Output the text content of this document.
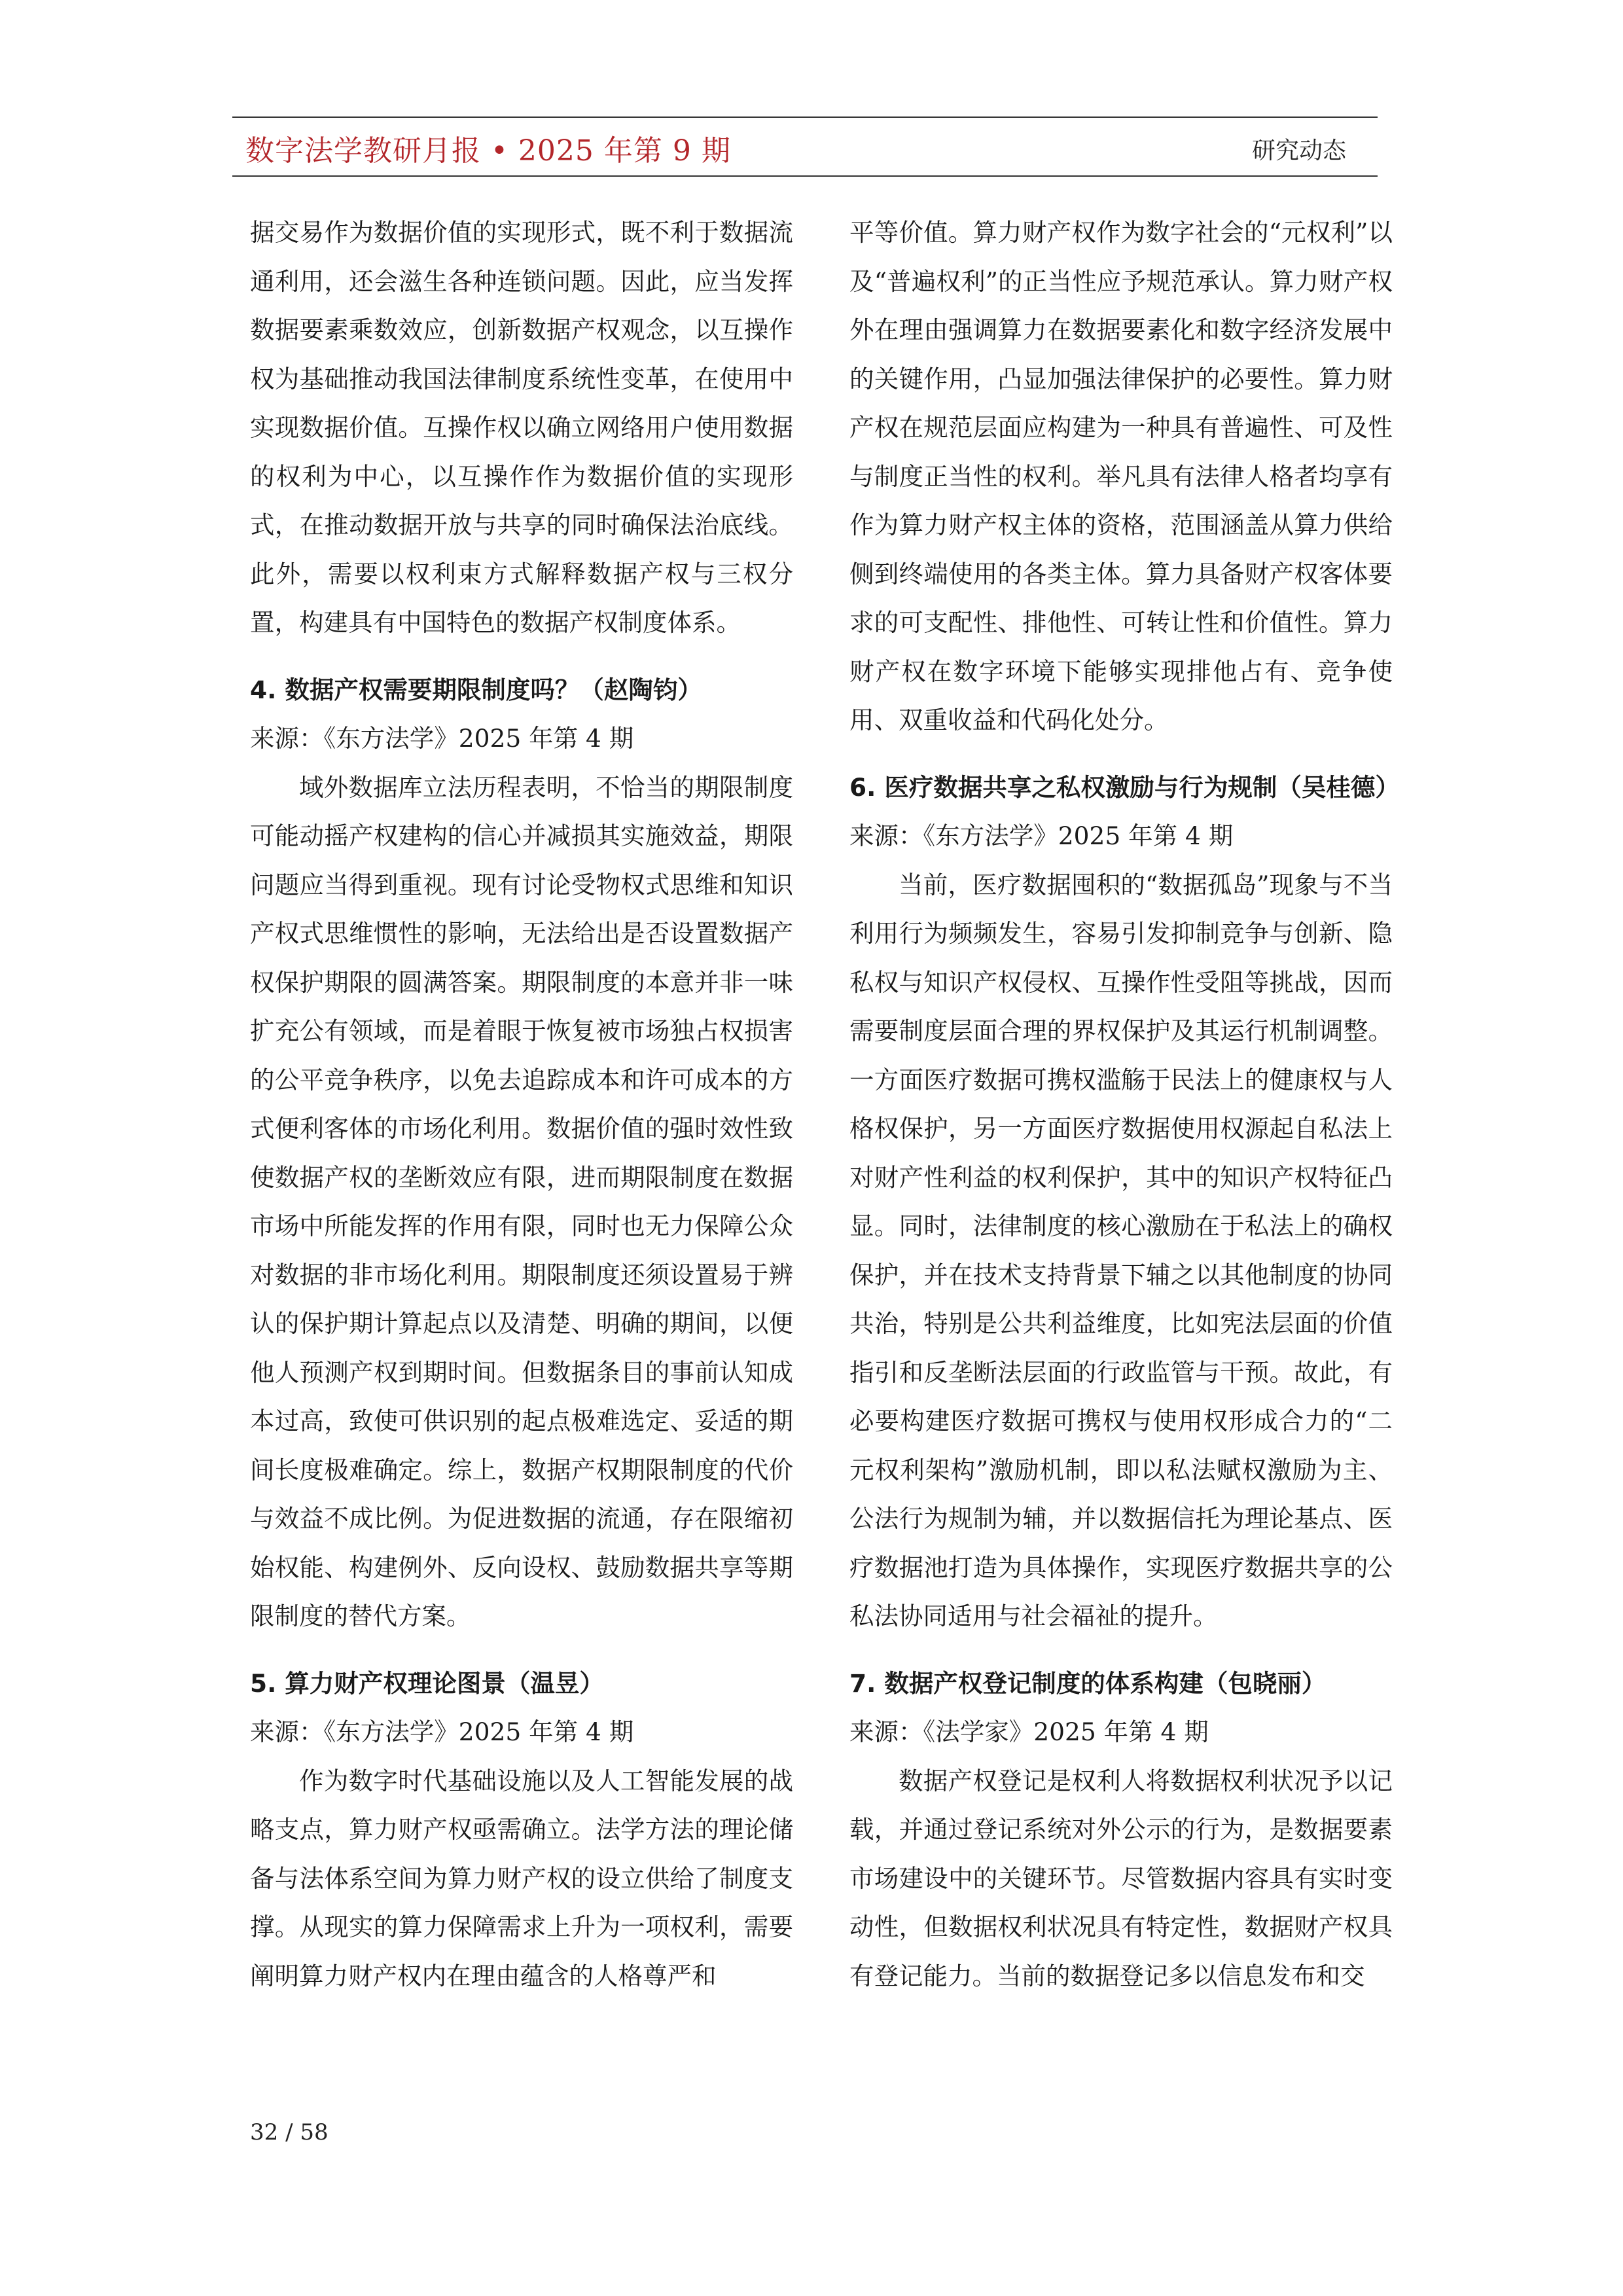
数字法学教研月报 • 2025 年第 9 期	研究动态

据交易作为数据价值的实现形式，既不利于数据流通利用，还会滋生各种连锁问题。因此，应当发挥数据要素乘数效应，创新数据产权观念，以互操作权为基础推动我国法律制度系统性变革，在使用中实现数据价值。互操作权以确立网络用户使用数据的权利为中心，以互操作作为数据价值的实现形式，在推动数据开放与共享的同时确保法治底线。此外，需要以权利束方式解释数据产权与三权分置，构建具有中国特色的数据产权制度体系。

4. 数据产权需要期限制度吗？（赵陶钧）
来源：《东方法学》2025 年第 4 期

域外数据库立法历程表明，不恰当的期限制度可能动摇产权建构的信心并减损其实施效益，期限问题应当得到重视。现有讨论受物权式思维和知识产权式思维惯性的影响，无法给出是否设置数据产权保护期限的圆满答案。期限制度的本意并非一味扩充公有领域，而是着眼于恢复被市场独占权损害的公平竞争秩序，以免去追踪成本和许可成本的方式便利客体的市场化利用。数据价值的强时效性致使数据产权的垄断效应有限，进而期限制度在数据市场中所能发挥的作用有限，同时也无力保障公众对数据的非市场化利用。期限制度还须设置易于辨认的保护期计算起点以及清楚、明确的期间，以便他人预测产权到期时间。但数据条目的事前认知成本过高，致使可供识别的起点极难选定、妥适的期间长度极难确定。综上，数据产权期限制度的代价与效益不成比例。为促进数据的流通，存在限缩初始权能、构建例外、反向设权、鼓励数据共享等期限制度的替代方案。

5. 算力财产权理论图景（温昱）
来源：《东方法学》2025 年第 4 期

作为数字时代基础设施以及人工智能发展的战略支点，算力财产权亟需确立。法学方法的理论储备与法体系空间为算力财产权的设立供给了制度支撑。从现实的算力保障需求上升为一项权利，需要阐明算力财产权内在理由蕴含的人格尊严和

平等价值。算力财产权作为数字社会的“元权利”以及“普遍权利”的正当性应予规范承认。算力财产权外在理由强调算力在数据要素化和数字经济发展中的关键作用，凸显加强法律保护的必要性。算力财产权在规范层面应构建为一种具有普遍性、可及性与制度正当性的权利。举凡具有法律人格者均享有作为算力财产权主体的资格，范围涵盖从算力供给侧到终端使用的各类主体。算力具备财产权客体要求的可支配性、排他性、可转让性和价值性。算力财产权在数字环境下能够实现排他占有、竞争使用、双重收益和代码化处分。

6. 医疗数据共享之私权激励与行为规制（吴桂德）
来源：《东方法学》2025 年第 4 期

当前，医疗数据囤积的“数据孤岛”现象与不当利用行为频频发生，容易引发抑制竞争与创新、隐私权与知识产权侵权、互操作性受阻等挑战，因而需要制度层面合理的界权保护及其运行机制调整。一方面医疗数据可携权滥觞于民法上的健康权与人格权保护，另一方面医疗数据使用权源起自私法上对财产性利益的权利保护，其中的知识产权特征凸显。同时，法律制度的核心激励在于私法上的确权保护，并在技术支持背景下辅之以其他制度的协同共治，特别是公共利益维度，比如宪法层面的价值指引和反垄断法层面的行政监管与干预。故此，有必要构建医疗数据可携权与使用权形成合力的“二元权利架构”激励机制，即以私法赋权激励为主、公法行为规制为辅，并以数据信托为理论基点、医疗数据池打造为具体操作，实现医疗数据共享的公私法协同适用与社会福祉的提升。

7. 数据产权登记制度的体系构建（包晓丽）
来源：《法学家》2025 年第 4 期

数据产权登记是权利人将数据权利状况予以记载，并通过登记系统对外公示的行为，是数据要素市场建设中的关键环节。尽管数据内容具有实时变动性，但数据权利状况具有特定性，数据财产权具有登记能力。当前的数据登记多以信息发布和交

32 / 58
